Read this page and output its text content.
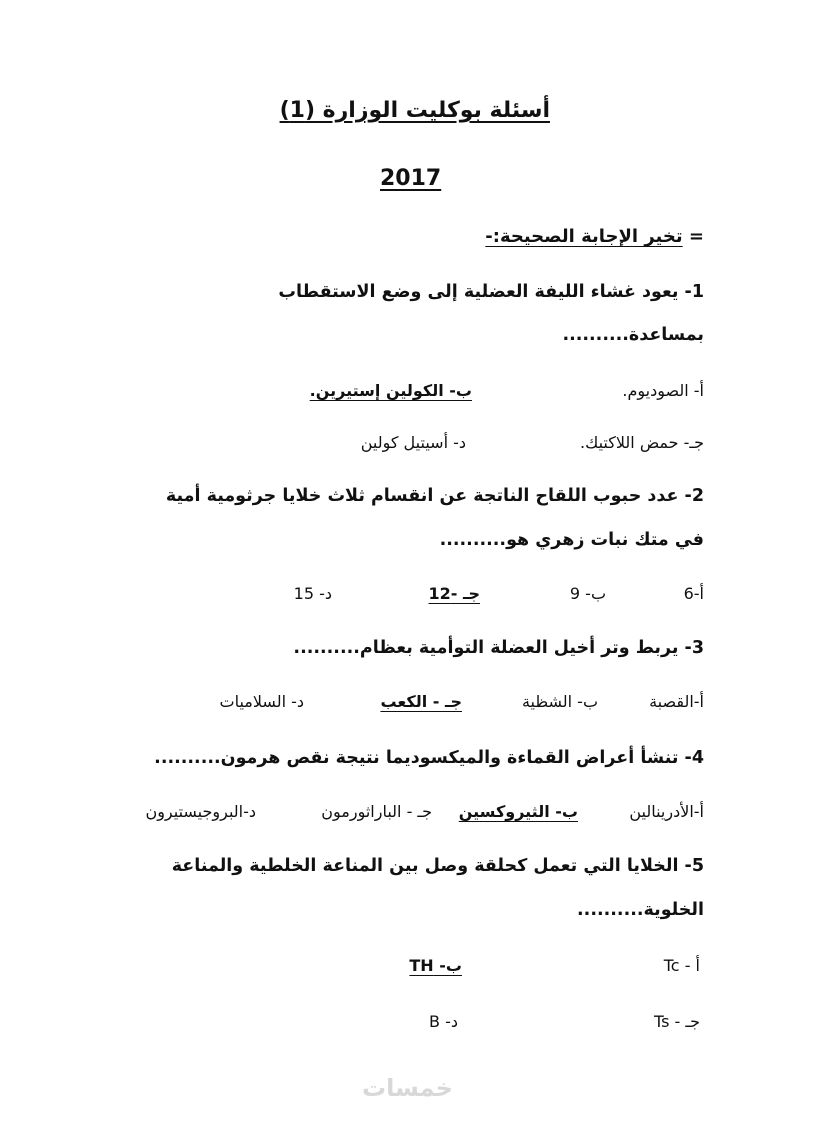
أسئلة بوكليت الوزارة (1)
2017
= تخير الإجابة الصحيحة:-
1- يعود غشاء الليفة العضلية إلى وضع الاستقطاب
بمساعدة..........
أ- الصوديوم.
ب- الكولين إستيرين.
جـ- حمض اللاكتيك.
د- أسيتيل كولين
2- عدد حبوب اللقاح الناتجة عن انقسام ثلاث خلايا جرثومية أمية
في متك نبات زهري هو..........
أ-6
ب- 9
جـ -12
د- 15
3- يربط وتر أخيل العضلة التوأمية بعظام..........
أ-القصبة
ب- الشظية
جـ - الكعب
د- السلاميات
4- تنشأ أعراض القماءة والميكسوديما نتيجة نقص هرمون..........
أ-الأدرينالين
ب- الثيروكسين
جـ - الباراثورمون
د-البروجيستيرون
5- الخلايا التي تعمل كحلقة وصل بين المناعة الخلطية والمناعة
الخلوية..........
أ - Tc
ب- TH
جـ - Ts
د- B
خمسات
